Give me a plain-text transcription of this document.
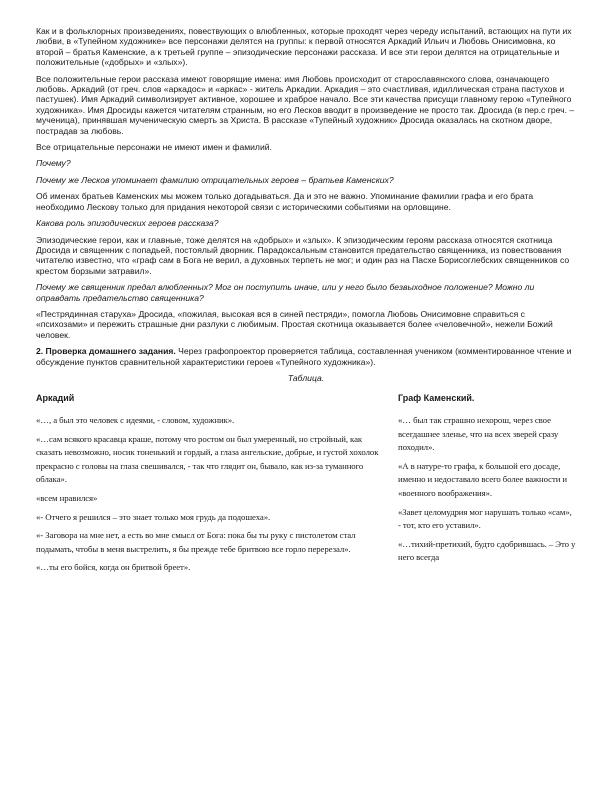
Как и в фольклорных произведениях, повествующих о влюбленных, которые проходят через череду испытаний, встающих на пути их любви, в «Тупейном художнике» все персонажи делятся на группы: к первой относятся Аркадий Ильич и Любовь Онисимовна, ко второй – братья Каменские, а к третьей группе – эпизодические персонажи рассказа. И все эти герои делятся на отрицательные и положительные («добрых» и «злых»).

Все положительные герои рассказа имеют говорящие имена: имя Любовь происходит от старославянского слова, означающего любовь. Аркадий (от греч. слов «аркадос» и «аркас» - житель Аркадии. Аркадия – это счастливая, идиллическая страна пастухов и пастушек). Имя Аркадий символизирует активное, хорошее и храброе начало. Все эти качества присущи главному герою «Тупейного художника». Имя Дросиды кажется читателям странным, но его Лесков вводит в произведение не просто так. Дросида (в пер.с греч. – мученица), принявшая мученическую смерть за Христа. В рассказе «Тупейный художник» Дросида оказалась на скотном дворе, пострадав за любовь.

Все отрицательные персонажи не имеют имен и фамилий.

Почему?

Почему же Лесков упоминает фамилию отрицательных героев – братьев Каменских?

Об именах братьев Каменских мы можем только догадываться. Да и это не важно. Упоминание фамилии графа и его брата необходимо Лескову только для придания некоторой связи с историческими событиями на орловщине.

Какова роль эпизодических героев рассказа?

Эпизодические герои, как и главные, тоже делятся на «добрых» и «злых». К эпизодическим героям рассказа относятся скотница Дросида и священник с попадьей, постоялый дворник. Парадоксальным становится предательство священника, из повествования читателю известно, что «граф сам в Бога не верил, а духовных терпеть не мог; и один раз на Пасхе Борисоглебских священников со крестом борзыми затравил».

Почему же священник предал влюбленных? Мог он поступить иначе, или у него было безвыходное положение? Можно ли оправдать предательство священника?

«Пестрядинная старуха» Дросида, «пожилая, высокая вся в синей пестряди», помогла Любовь Онисимовне справиться с «психозами» и пережить страшные дни разлуки с любимым. Простая скотница оказывается более «человечной», нежели Божий человек.

2. Проверка домашнего задания. Через графопроектор проверяется таблица, составленная учеником (комментированное чтение и обсуждение пунктов сравнительной характеристики героев «Тупейного художника»).

Таблица.

Аркадий

«…, а был это человек с идеями, - словом, художник».

«…сам всякого красавца краше, потому что ростом он был умеренный, но стройный, как сказать невозможно, носик тоненький и гордый, а глаза ангельские, добрые, и густой хохолок прекрасно с головы на глаза свешивался, - так что глядит он, бывало, как из-за туманного облака».

«всем нравился»

«- Отчего я решился – это знает только моя грудь да подошеха».

«- Заговора на мне нет, а есть во мне смысл от Бога: пока бы ты руку с пистолетом стал подымать, чтобы в меня выстрелить, я бы прежде тебе бритвою все горло перерезал».

«…ты его бойся, когда он бритвой бреет».

Граф Каменский.

«… был так страшно нехорош, через свое всегдашнее зленье, что на всех зверей сразу походил».

«А в натуре-то графа, к большой его досаде, именно и недоставало всего более важности и «военного воображения».

«Завет целомудрия мог нарушать только «сам», - тот, кто его уставил».

«…тихий-претихий, будто сдобрившась. – Это у него всегда
